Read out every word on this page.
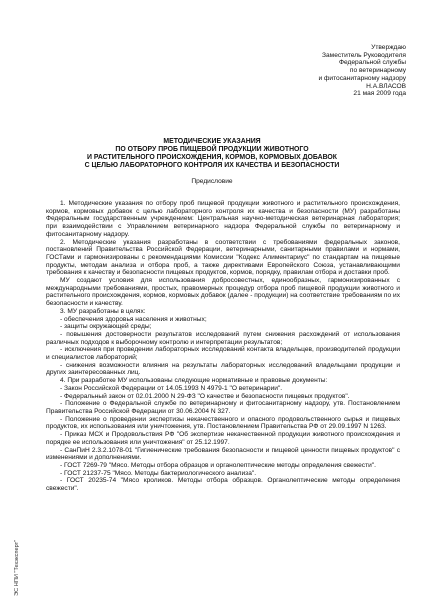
Утверждаю
Заместитель Руководителя
Федеральной службы
по ветеринарному
и фитосанитарному надзору
Н.А.ВЛАСОВ
21 мая 2009 года
МЕТОДИЧЕСКИЕ УКАЗАНИЯ
ПО ОТБОРУ ПРОБ ПИЩЕВОЙ ПРОДУКЦИИ ЖИВОТНОГО
И РАСТИТЕЛЬНОГО ПРОИСХОЖДЕНИЯ, КОРМОВ, КОРМОВЫХ ДОБАВОК
С ЦЕЛЬЮ ЛАБОРАТОРНОГО КОНТРОЛЯ ИХ КАЧЕСТВА И БЕЗОПАСНОСТИ
Предисловие

1. Методические указания по отбору проб пищевой продукции животного и растительного происхождения, кормов, кормовых добавок с целью лабораторного контроля их качества и безопасности (МУ) разработаны Федеральным государственным учреждением: Центральная научно-методическая ветеринарная лаборатория; при взаимодействии с Управлением ветеринарного надзора Федеральной службы по ветеринарному и фитосанитарному надзору.

2. Методические указания разработаны в соответствии с требованиями федеральных законов, постановлений Правительства Российской Федерации, ветеринарными, санитарными правилами и нормами, ГОСТами и гармонизированы с рекомендациями Комиссии "Кодекс Алиментариус" по стандартам на пищевые продукты, методам анализа и отбора проб, а также директивами Европейского Союза, устанавливающими требования к качеству и безопасности пищевых продуктов, кормов, порядку, правилам отбора и доставки проб.

МУ создают условия для использования добросовестных, единообразных, гармонизированных с международными требованиями, простых, правомерных процедур отбора проб пищевой продукции животного и растительного происхождения, кормов, кормовых добавок (далее - продукции) на соответствие требованиям по их безопасности и качеству.

3. МУ разработаны в целях:

- обеспечения здоровья населения и животных;

- защиты окружающей среды;

- повышения достоверности результатов исследований путем снижения расхождений от использования различных подходов к выборочному контролю и интерпретации результатов;

- исключения при проведении лабораторных исследований контакта владельцев, производителей продукции и специалистов лабораторий;

- снижения возможности влияния на результаты лабораторных исследований владельцами продукции и других заинтересованных лиц.

4. При разработке МУ использованы следующие нормативные и правовые документы:

- Закон Российской Федерации от 14.05.1993 N 4979-1 "О ветеринарии".

- Федеральный закон от 02.01.2000 N 29-ФЗ "О качестве и безопасности пищевых продуктов".

- Положение о Федеральной службе по ветеринарному и фитосанитарному надзору, утв. Постановлением Правительства Российской Федерации от 30.06.2004 N 327.

- Положение о проведении экспертизы некачественного и опасного продовольственного сырья и пищевых продуктов, их использования или уничтожения, утв. Постановлением Правительства РФ от 29.09.1997 N 1263.

- Приказ МСХ и Продовольствия РФ "Об экспертизе некачественной продукции животного происхождения и порядке ее использования или уничтожения" от 25.12.1997.

- СанПиН 2.3.2.1078-01 "Гигиенические требования безопасности и пищевой ценности пищевых продуктов" с изменениями и дополнениями.

- ГОСТ 7269-79 "Мясо. Методы отбора образцов и органолептические методы определения свежести".

- ГОСТ 21237-75 "Мясо. Методы бактериологического анализа".

- ГОСТ 20235-74 "Мясо кроликов. Методы отбора образцов. Органолептические методы определения свежести".

ЭС НПИ "Техэксперт"
